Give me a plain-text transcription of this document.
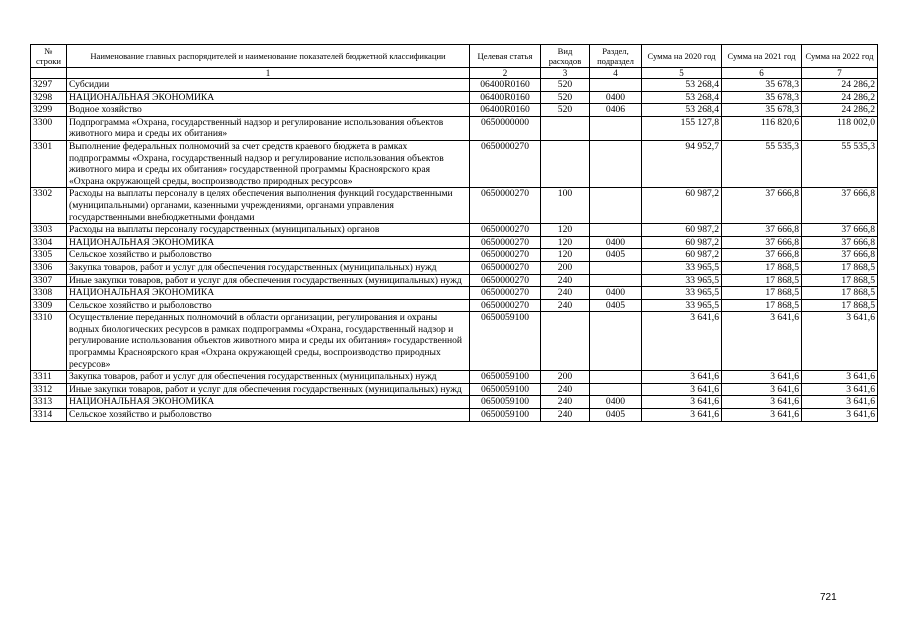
№ строки	Наименование главных распорядителей и наименование показателей бюджетной классификации	Целевая статья	Вид расходов	Раздел, подраздел	Сумма на 2020 год	Сумма на 2021 год	Сумма на 2022 год
	1	2	3	4	5	6	7
3297	Субсидии	06400R0160	520		53 268,4	35 678,3	24 286,2
3298	НАЦИОНАЛЬНАЯ ЭКОНОМИКА	06400R0160	520	0400	53 268,4	35 678,3	24 286,2
3299	Водное хозяйство	06400R0160	520	0406	53 268,4	35 678,3	24 286,2
3300	Подпрограмма «Охрана, государственный надзор и регулирование использования объектов животного мира и среды их обитания»	0650000000			155 127,8	116 820,6	118 002,0
3301	Выполнение федеральных полномочий за счет средств краевого бюджета в рамках подпрограммы «Охрана, государственный надзор и регулирование использования объектов животного мира и среды их обитания» государственной программы Красноярского края «Охрана окружающей среды, воспроизводство природных ресурсов»	0650000270			94 952,7	55 535,3	55 535,3
3302	Расходы на выплаты персоналу в целях обеспечения выполнения функций государственными (муниципальными) органами, казенными учреждениями, органами управления государственными внебюджетными фондами	0650000270	100		60 987,2	37 666,8	37 666,8
3303	Расходы на выплаты персоналу государственных (муниципальных) органов	0650000270	120		60 987,2	37 666,8	37 666,8
3304	НАЦИОНАЛЬНАЯ ЭКОНОМИКА	0650000270	120	0400	60 987,2	37 666,8	37 666,8
3305	Сельское хозяйство и рыболовство	0650000270	120	0405	60 987,2	37 666,8	37 666,8
3306	Закупка товаров, работ и услуг для обеспечения государственных (муниципальных) нужд	0650000270	200		33 965,5	17 868,5	17 868,5
3307	Иные закупки товаров, работ и услуг для обеспечения государственных (муниципальных) нужд	0650000270	240		33 965,5	17 868,5	17 868,5
3308	НАЦИОНАЛЬНАЯ ЭКОНОМИКА	0650000270	240	0400	33 965,5	17 868,5	17 868,5
3309	Сельское хозяйство и рыболовство	0650000270	240	0405	33 965,5	17 868,5	17 868,5
3310	Осуществление переданных полномочий в области организации, регулирования и охраны водных биологических ресурсов в рамках подпрограммы «Охрана, государственный надзор и регулирование использования объектов животного мира и среды их обитания» государственной программы Красноярского края «Охрана окружающей среды, воспроизводство природных ресурсов»	0650059100			3 641,6	3 641,6	3 641,6
3311	Закупка товаров, работ и услуг для обеспечения государственных (муниципальных) нужд	0650059100	200		3 641,6	3 641,6	3 641,6
3312	Иные закупки товаров, работ и услуг для обеспечения государственных (муниципальных) нужд	0650059100	240		3 641,6	3 641,6	3 641,6
3313	НАЦИОНАЛЬНАЯ ЭКОНОМИКА	0650059100	240	0400	3 641,6	3 641,6	3 641,6
3314	Сельское хозяйство и рыболовство	0650059100	240	0405	3 641,6	3 641,6	3 641,6
721
